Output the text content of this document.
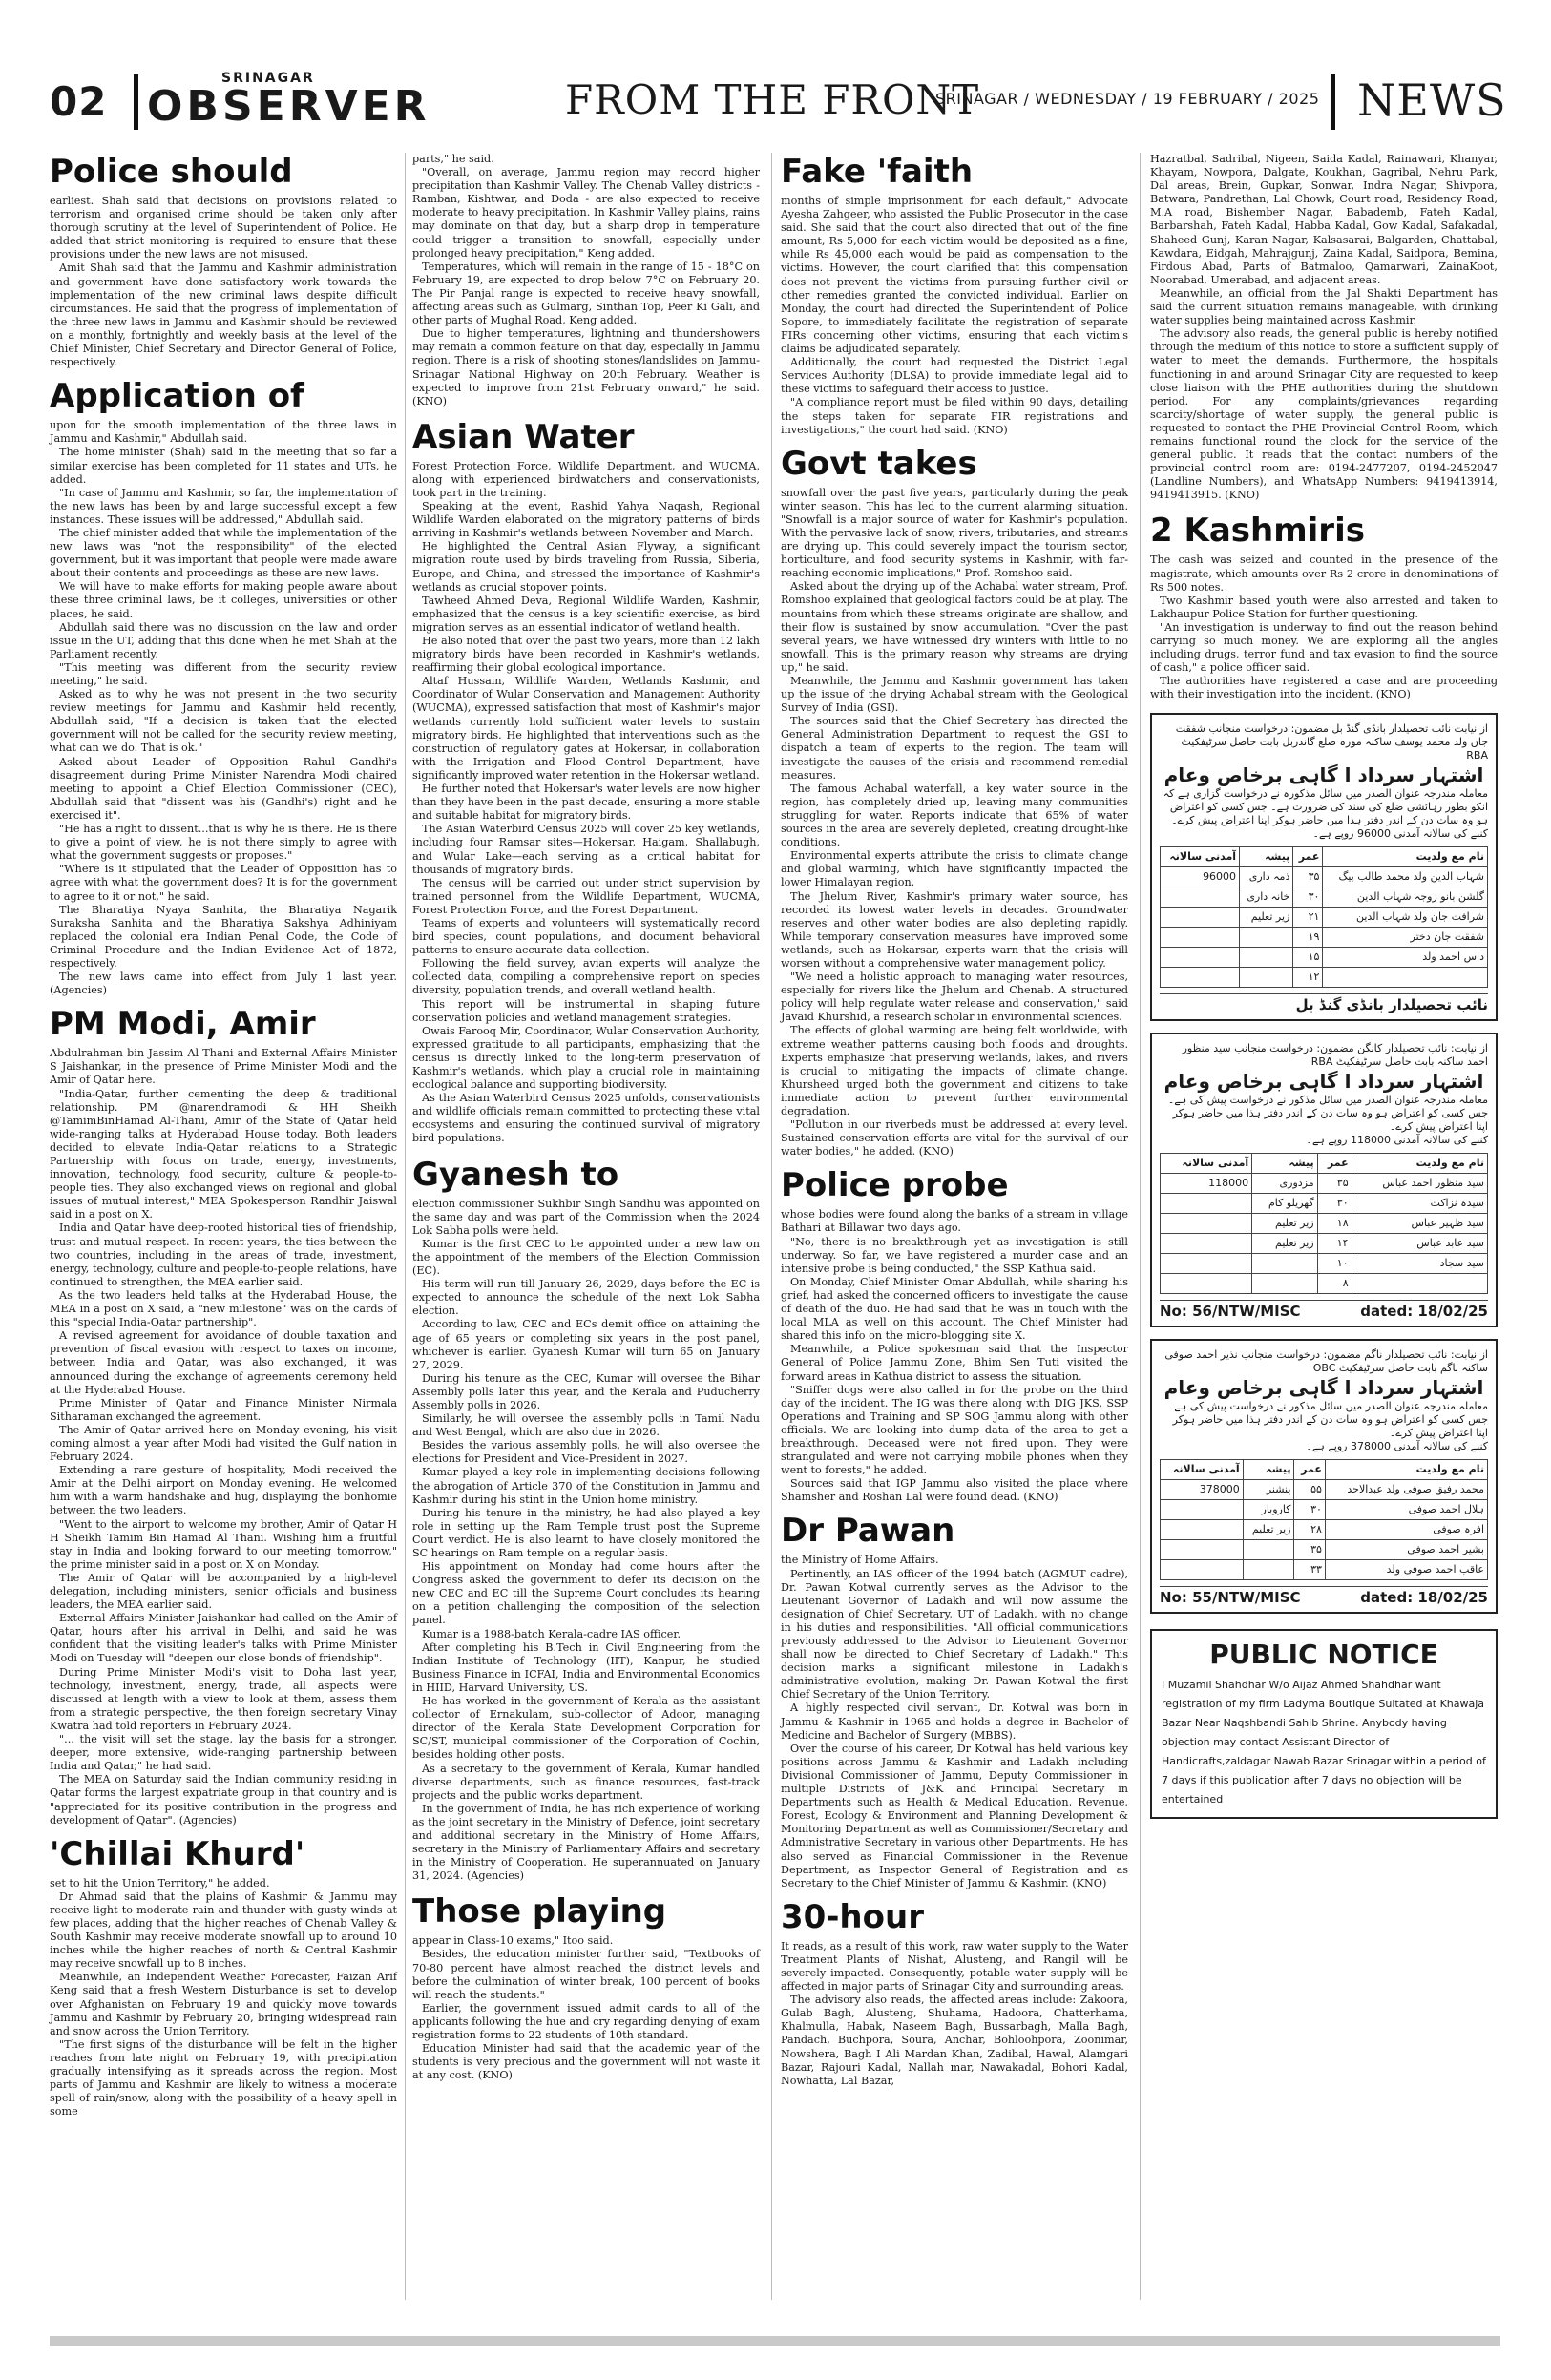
02	SRINAGAR
OBSERVER	FROM THE FRONT
SRINAGAR / WEDNESDAY / 19 FEBRUARY / 2025 NEWS
Police should

earliest. Shah said that decisions on provisions related to terrorism and organised crime should be taken only after thorough scrutiny at the level of Superintendent of Police. He added that strict monitoring is required to ensure that these provisions under the new laws are not misused.

Amit Shah said that the Jammu and Kashmir administration and government have done satisfactory work towards the implementation of the new criminal laws despite difficult circumstances. He said that the progress of implementation of the three new laws in Jammu and Kashmir should be reviewed on a monthly, fortnightly and weekly basis at the level of the Chief Minister, Chief Secretary and Director General of Police, respectively.

Application of

upon for the smooth implementation of the three laws in Jammu and Kashmir," Abdullah said.

The home minister (Shah) said in the meeting that so far a similar exercise has been completed for 11 states and UTs, he added.

"In case of Jammu and Kashmir, so far, the implementation of the new laws has been by and large successful except a few instances. These issues will be addressed," Abdullah said.

The chief minister added that while the implementation of the new laws was "not the responsibility" of the elected government, but it was important that people were made aware about their contents and proceedings as these are new laws.

We will have to make efforts for making people aware about these three criminal laws, be it colleges, universities or other places, he said.

Abdullah said there was no discussion on the law and order issue in the UT, adding that this done when he met Shah at the Parliament recently.

"This meeting was different from the security review meeting," he said.

Asked as to why he was not present in the two security review meetings for Jammu and Kashmir held recently, Abdullah said, "If a decision is taken that the elected government will not be called for the security review meeting, what can we do. That is ok."

Asked about Leader of Opposition Rahul Gandhi's disagreement during Prime Minister Narendra Modi chaired meeting to appoint a Chief Election Commissioner (CEC), Abdullah said that "dissent was his (Gandhi's) right and he exercised it".

"He has a right to dissent...that is why he is there. He is there to give a point of view, he is not there simply to agree with what the government suggests or proposes."

"Where is it stipulated that the Leader of Opposition has to agree with what the government does? It is for the government to agree to it or not," he said.

The Bharatiya Nyaya Sanhita, the Bharatiya Nagarik Suraksha Sanhita and the Bharatiya Sakshya Adhiniyam replaced the colonial era Indian Penal Code, the Code of Criminal Procedure and the Indian Evidence Act of 1872, respectively.

The new laws came into effect from July 1 last year. (Agencies)

PM Modi, Amir

Abdulrahman bin Jassim Al Thani and External Affairs Minister S Jaishankar, in the presence of Prime Minister Modi and the Amir of Qatar here.

"India-Qatar, further cementing the deep & traditional relationship. PM @narendramodi & HH Sheikh @TamimBinHamad Al-Thani, Amir of the State of Qatar held wide-ranging talks at Hyderabad House today. Both leaders decided to elevate India-Qatar relations to a Strategic Partnership with focus on trade, energy, investments, innovation, technology, food security, culture & people-to-people ties. They also exchanged views on regional and global issues of mutual interest," MEA Spokesperson Randhir Jaiswal said in a post on X.

India and Qatar have deep-rooted historical ties of friendship, trust and mutual respect. In recent years, the ties between the two countries, including in the areas of trade, investment, energy, technology, culture and people-to-people relations, have continued to strengthen, the MEA earlier said.

As the two leaders held talks at the Hyderabad House, the MEA in a post on X said, a "new milestone" was on the cards of this "special India-Qatar partnership".

A revised agreement for avoidance of double taxation and prevention of fiscal evasion with respect to taxes on income, between India and Qatar, was also exchanged, it was announced during the exchange of agreements ceremony held at the Hyderabad House.

Prime Minister of Qatar and Finance Minister Nirmala Sitharaman exchanged the agreement.

The Amir of Qatar arrived here on Monday evening, his visit coming almost a year after Modi had visited the Gulf nation in February 2024.

Extending a rare gesture of hospitality, Modi received the Amir at the Delhi airport on Monday evening. He welcomed him with a warm handshake and hug, displaying the bonhomie between the two leaders.

"Went to the airport to welcome my brother, Amir of Qatar H H Sheikh Tamim Bin Hamad Al Thani. Wishing him a fruitful stay in India and looking forward to our meeting tomorrow," the prime minister said in a post on X on Monday.

The Amir of Qatar will be accompanied by a high-level delegation, including ministers, senior officials and business leaders, the MEA earlier said.

External Affairs Minister Jaishankar had called on the Amir of Qatar, hours after his arrival in Delhi, and said he was confident that the visiting leader's talks with Prime Minister Modi on Tuesday will "deepen our close bonds of friendship".

During Prime Minister Modi's visit to Doha last year, technology, investment, energy, trade, all aspects were discussed at length with a view to look at them, assess them from a strategic perspective, the then foreign secretary Vinay Kwatra had told reporters in February 2024.

"... the visit will set the stage, lay the basis for a stronger, deeper, more extensive, wide-ranging partnership between India and Qatar," he had said.

The MEA on Saturday said the Indian community residing in Qatar forms the largest expatriate group in that country and is "appreciated for its positive contribution in the progress and development of Qatar". (Agencies)

'Chillai Khurd'

set to hit the Union Territory," he added.

Dr Ahmad said that the plains of Kashmir & Jammu may receive light to moderate rain and thunder with gusty winds at few places, adding that the higher reaches of Chenab Valley & South Kashmir may receive moderate snowfall up to around 10 inches while the higher reaches of north & Central Kashmir may receive snowfall up to 8 inches.

Meanwhile, an Independent Weather Forecaster, Faizan Arif Keng said that a fresh Western Disturbance is set to develop over Afghanistan on February 19 and quickly move towards Jammu and Kashmir by February 20, bringing widespread rain and snow across the Union Territory.

"The first signs of the disturbance will be felt in the higher reaches from late night on February 19, with precipitation gradually intensifying as it spreads across the region. Most parts of Jammu and Kashmir are likely to witness a moderate spell of rain/snow, along with the possibility of a heavy spell in some

parts," he said.

"Overall, on average, Jammu region may record higher precipitation than Kashmir Valley. The Chenab Valley districts - Ramban, Kishtwar, and Doda - are also expected to receive moderate to heavy precipitation. In Kashmir Valley plains, rains may dominate on that day, but a sharp drop in temperature could trigger a transition to snowfall, especially under prolonged heavy precipitation," Keng added.

Temperatures, which will remain in the range of 15 - 18°C on February 19, are expected to drop below 7°C on February 20. The Pir Panjal range is expected to receive heavy snowfall, affecting areas such as Gulmarg, Sinthan Top, Peer Ki Gali, and other parts of Mughal Road, Keng added.

Due to higher temperatures, lightning and thundershowers may remain a common feature on that day, especially in Jammu region. There is a risk of shooting stones/landslides on Jammu-Srinagar National Highway on 20th February. Weather is expected to improve from 21st February onward," he said. (KNO)

Asian Water

Forest Protection Force, Wildlife Department, and WUCMA, along with experienced birdwatchers and conservationists, took part in the training.

Speaking at the event, Rashid Yahya Naqash, Regional Wildlife Warden elaborated on the migratory patterns of birds arriving in Kashmir's wetlands between November and March.

He highlighted the Central Asian Flyway, a significant migration route used by birds traveling from Russia, Siberia, Europe, and China, and stressed the importance of Kashmir's wetlands as crucial stopover points.

Tawheed Ahmed Deva, Regional Wildlife Warden, Kashmir, emphasized that the census is a key scientific exercise, as bird migration serves as an essential indicator of wetland health.

He also noted that over the past two years, more than 12 lakh migratory birds have been recorded in Kashmir's wetlands, reaffirming their global ecological importance.

Altaf Hussain, Wildlife Warden, Wetlands Kashmir, and Coordinator of Wular Conservation and Management Authority (WUCMA), expressed satisfaction that most of Kashmir's major wetlands currently hold sufficient water levels to sustain migratory birds. He highlighted that interventions such as the construction of regulatory gates at Hokersar, in collaboration with the Irrigation and Flood Control Department, have significantly improved water retention in the Hokersar wetland.

He further noted that Hokersar's water levels are now higher than they have been in the past decade, ensuring a more stable and suitable habitat for migratory birds.

The Asian Waterbird Census 2025 will cover 25 key wetlands, including four Ramsar sites—Hokersar, Haigam, Shallabugh, and Wular Lake—each serving as a critical habitat for thousands of migratory birds.

The census will be carried out under strict supervision by trained personnel from the Wildlife Department, WUCMA, Forest Protection Force, and the Forest Department.

Teams of experts and volunteers will systematically record bird species, count populations, and document behavioral patterns to ensure accurate data collection.

Following the field survey, avian experts will analyze the collected data, compiling a comprehensive report on species diversity, population trends, and overall wetland health.

This report will be instrumental in shaping future conservation policies and wetland management strategies.

Owais Farooq Mir, Coordinator, Wular Conservation Authority, expressed gratitude to all participants, emphasizing that the census is directly linked to the long-term preservation of Kashmir's wetlands, which play a crucial role in maintaining ecological balance and supporting biodiversity.

As the Asian Waterbird Census 2025 unfolds, conservationists and wildlife officials remain committed to protecting these vital ecosystems and ensuring the continued survival of migratory bird populations.

Gyanesh to

election commissioner Sukhbir Singh Sandhu was appointed on the same day and was part of the Commission when the 2024 Lok Sabha polls were held.

Kumar is the first CEC to be appointed under a new law on the appointment of the members of the Election Commission (EC).

His term will run till January 26, 2029, days before the EC is expected to announce the schedule of the next Lok Sabha election.

According to law, CEC and ECs demit office on attaining the age of 65 years or completing six years in the post panel, whichever is earlier. Gyanesh Kumar will turn 65 on January 27, 2029.

During his tenure as the CEC, Kumar will oversee the Bihar Assembly polls later this year, and the Kerala and Puducherry Assembly polls in 2026.

Similarly, he will oversee the assembly polls in Tamil Nadu and West Bengal, which are also due in 2026.

Besides the various assembly polls, he will also oversee the elections for President and Vice-President in 2027.

Kumar played a key role in implementing decisions following the abrogation of Article 370 of the Constitution in Jammu and Kashmir during his stint in the Union home ministry.

During his tenure in the ministry, he had also played a key role in setting up the Ram Temple trust post the Supreme Court verdict. He is also learnt to have closely monitored the SC hearings on Ram temple on a regular basis.

His appointment on Monday had come hours after the Congress asked the government to defer its decision on the new CEC and EC till the Supreme Court concludes its hearing on a petition challenging the composition of the selection panel.

Kumar is a 1988-batch Kerala-cadre IAS officer.

After completing his B.Tech in Civil Engineering from the Indian Institute of Technology (IIT), Kanpur, he studied Business Finance in ICFAI, India and Environmental Economics in HIID, Harvard University, US.

He has worked in the government of Kerala as the assistant collector of Ernakulam, sub-collector of Adoor, managing director of the Kerala State Development Corporation for SC/ST, municipal commissioner of the Corporation of Cochin, besides holding other posts.

As a secretary to the government of Kerala, Kumar handled diverse departments, such as finance resources, fast-track projects and the public works department.

In the government of India, he has rich experience of working as the joint secretary in the Ministry of Defence, joint secretary and additional secretary in the Ministry of Home Affairs, secretary in the Ministry of Parliamentary Affairs and secretary in the Ministry of Cooperation. He superannuated on January 31, 2024. (Agencies)

Those playing

appear in Class-10 exams," Itoo said.

Besides, the education minister further said, "Textbooks of 70-80 percent have almost reached the district levels and before the culmination of winter break, 100 percent of books will reach the students."

Earlier, the government issued admit cards to all of the applicants following the hue and cry regarding denying of exam registration forms to 22 students of 10th standard.

Education Minister had said that the academic year of the students is very precious and the government will not waste it at any cost. (KNO)

Fake 'faith

months of simple imprisonment for each default," Advocate Ayesha Zahgeer, who assisted the Public Prosecutor in the case said. She said that the court also directed that out of the fine amount, Rs 5,000 for each victim would be deposited as a fine, while Rs 45,000 each would be paid as compensation to the victims. However, the court clarified that this compensation does not prevent the victims from pursuing further civil or other remedies granted the convicted individual. Earlier on Monday, the court had directed the Superintendent of Police Sopore, to immediately facilitate the registration of separate FIRs concerning other victims, ensuring that each victim's claims be adjudicated separately.

Additionally, the court had requested the District Legal Services Authority (DLSA) to provide immediate legal aid to these victims to safeguard their access to justice.

"A compliance report must be filed within 90 days, detailing the steps taken for separate FIR registrations and investigations," the court had said. (KNO)

Govt takes

snowfall over the past five years, particularly during the peak winter season. This has led to the current alarming situation. "Snowfall is a major source of water for Kashmir's population. With the pervasive lack of snow, rivers, tributaries, and streams are drying up. This could severely impact the tourism sector, horticulture, and food security systems in Kashmir, with far-reaching economic implications," Prof. Romshoo said.

Asked about the drying up of the Achabal water stream, Prof. Romshoo explained that geological factors could be at play. The mountains from which these streams originate are shallow, and their flow is sustained by snow accumulation. "Over the past several years, we have witnessed dry winters with little to no snowfall. This is the primary reason why streams are drying up," he said.

Meanwhile, the Jammu and Kashmir government has taken up the issue of the drying Achabal stream with the Geological Survey of India (GSI).

The sources said that the Chief Secretary has directed the General Administration Department to request the GSI to dispatch a team of experts to the region. The team will investigate the causes of the crisis and recommend remedial measures.

The famous Achabal waterfall, a key water source in the region, has completely dried up, leaving many communities struggling for water. Reports indicate that 65% of water sources in the area are severely depleted, creating drought-like conditions.

Environmental experts attribute the crisis to climate change and global warming, which have significantly impacted the lower Himalayan region.

The Jhelum River, Kashmir's primary water source, has recorded its lowest water levels in decades. Groundwater reserves and other water bodies are also depleting rapidly. While temporary conservation measures have improved some wetlands, such as Hokarsar, experts warn that the crisis will worsen without a comprehensive water management policy.

"We need a holistic approach to managing water resources, especially for rivers like the Jhelum and Chenab. A structured policy will help regulate water release and conservation," said Javaid Khurshid, a research scholar in environmental sciences.

The effects of global warming are being felt worldwide, with extreme weather patterns causing both floods and droughts. Experts emphasize that preserving wetlands, lakes, and rivers is crucial to mitigating the impacts of climate change. Khursheed urged both the government and citizens to take immediate action to prevent further environmental degradation.

"Pollution in our riverbeds must be addressed at every level. Sustained conservation efforts are vital for the survival of our water bodies," he added. (KNO)

Police probe

whose bodies were found along the banks of a stream in village Bathari at Billawar two days ago.

"No, there is no breakthrough yet as investigation is still underway. So far, we have registered a murder case and an intensive probe is being conducted," the SSP Kathua said.

On Monday, Chief Minister Omar Abdullah, while sharing his grief, had asked the concerned officers to investigate the cause of death of the duo. He had said that he was in touch with the local MLA as well on this account. The Chief Minister had shared this info on the micro-blogging site X.

Meanwhile, a Police spokesman said that the Inspector General of Police Jammu Zone, Bhim Sen Tuti visited the forward areas in Kathua district to assess the situation.

"Sniffer dogs were also called in for the probe on the third day of the incident. The IG was there along with DIG JKS, SSP Operations and Training and SP SOG Jammu along with other officials. We are looking into dump data of the area to get a breakthrough. Deceased were not fired upon. They were strangulated and were not carrying mobile phones when they went to forests," he added.

Sources said that IGP Jammu also visited the place where Shamsher and Roshan Lal were found dead. (KNO)

Dr Pawan

the Ministry of Home Affairs.

Pertinently, an IAS officer of the 1994 batch (AGMUT cadre), Dr. Pawan Kotwal currently serves as the Advisor to the Lieutenant Governor of Ladakh and will now assume the designation of Chief Secretary, UT of Ladakh, with no change in his duties and responsibilities. "All official communications previously addressed to the Advisor to Lieutenant Governor shall now be directed to Chief Secretary of Ladakh." This decision marks a significant milestone in Ladakh's administrative evolution, making Dr. Pawan Kotwal the first Chief Secretary of the Union Territory.

A highly respected civil servant, Dr. Kotwal was born in Jammu & Kashmir in 1965 and holds a degree in Bachelor of Medicine and Bachelor of Surgery (MBBS).

Over the course of his career, Dr Kotwal has held various key positions across Jammu & Kashmir and Ladakh including Divisional Commissioner of Jammu, Deputy Commissioner in multiple Districts of J&K and Principal Secretary in Departments such as Health & Medical Education, Revenue, Forest, Ecology & Environment and Planning Development & Monitoring Department as well as Commissioner/Secretary and Administrative Secretary in various other Departments. He has also served as Financial Commissioner in the Revenue Department, as Inspector General of Registration and as Secretary to the Chief Minister of Jammu & Kashmir. (KNO)

30-hour

It reads, as a result of this work, raw water supply to the Water Treatment Plants of Nishat, Alusteng, and Rangil will be severely impacted. Consequently, potable water supply will be affected in major parts of Srinagar City and surrounding areas.

The advisory also reads, the affected areas include: Zakoora, Gulab Bagh, Alusteng, Shuhama, Hadoora, Chatterhama, Khalmulla, Habak, Naseem Bagh, Bussarbagh, Malla Bagh, Pandach, Buchpora, Soura, Anchar, Bohloohpora, Zoonimar, Nowshera, Bagh I Ali Mardan Khan, Zadibal, Hawal, Alamgari Bazar, Rajouri Kadal, Nallah mar, Nawakadal, Bohori Kadal, Nowhatta, Lal Bazar,

Hazratbal, Sadribal, Nigeen, Saida Kadal, Rainawari, Khanyar, Khayam, Nowpora, Dalgate, Koukhan, Gagribal, Nehru Park, Dal areas, Brein, Gupkar, Sonwar, Indra Nagar, Shivpora, Batwara, Pandrethan, Lal Chowk, Court road, Residency Road, M.A road, Bishember Nagar, Babademb, Fateh Kadal, Barbarshah, Fateh Kadal, Habba Kadal, Gow Kadal, Safakadal, Shaheed Gunj, Karan Nagar, Kalsasarai, Balgarden, Chattabal, Kawdara, Eidgah, Mahrajgunj, Zaina Kadal, Saidpora, Bemina, Firdous Abad, Parts of Batmaloo, Qamarwari, ZainaKoot, Noorabad, Umerabad, and adjacent areas.

Meanwhile, an official from the Jal Shakti Department has said the current situation remains manageable, with drinking water supplies being maintained across Kashmir.

The advisory also reads, the general public is hereby notified through the medium of this notice to store a sufficient supply of water to meet the demands. Furthermore, the hospitals functioning in and around Srinagar City are requested to keep close liaison with the PHE authorities during the shutdown period. For any complaints/grievances regarding scarcity/shortage of water supply, the general public is requested to contact the PHE Provincial Control Room, which remains functional round the clock for the service of the general public. It reads that the contact numbers of the provincial control room are: 0194-2477207, 0194-2452047 (Landline Numbers), and WhatsApp Numbers: 9419413914, 9419413915. (KNO)

2 Kashmiris

The cash was seized and counted in the presence of the magistrate, which amounts over Rs 2 crore in denominations of Rs 500 notes.

Two Kashmir based youth were also arrested and taken to Lakhaupur Police Station for further questioning.

"An investigation is underway to find out the reason behind carrying so much money. We are exploring all the angles including drugs, terror fund and tax evasion to find the source of cash," a police officer said.

The authorities have registered a case and are proceeding with their investigation into the incident. (KNO)

از نیابت نائب تحصیلدار بانڈی گنڈ بل مضمون: درخواست منجانب شفقت جان ولد محمد یوسف ساکنہ مورہ ضلع گاندربل بابت حاصل سرٹیفکیٹ RBA
اشتہار سرداد ا گاہی برخاص وعام
معاملہ مندرجہ عنوان الصدر میں سائل مذکورہ نے درخواست گزاری ہے کہ انکو بطور رہائشی ضلع کی سند کی ضرورت ہے۔ جس کسی کو اعتراض ہو وہ سات دن کے اندر دفتر ہذا میں حاضر ہوکر اپنا اعتراض پیش کرے۔
کنبے کی سالانہ آمدنی 96000 روپے ہے۔
نام مع ولدیت	عمر	پیشہ	آمدنی سالانہ
شہاب الدین ولد محمد طالب بیگ	۳۵	ذمہ داری	96000
گلشن بانو زوجہ شہاب الدین	۳۰	خانہ داری	
شرافت جان ولد شہاب الدین	۲۱	زیر تعلیم	
شفقت جان دختر	۱۹		
داس احمد ولد	۱۵		
	۱۲		
نائب تحصیلدار بانڈی گنڈ بل
از نیابت: نائب تحصیلدار کانگن مضمون: درخواست منجانب سید منظور احمد ساکنہ بابت حاصل سرٹیفکیٹ RBA
اشتہار سرداد ا گاہی برخاص وعام
معاملہ مندرجہ عنوان الصدر میں سائل مذکور نے درخواست پیش کی ہے۔ جس کسی کو اعتراض ہو وہ سات دن کے اندر دفتر ہذا میں حاضر ہوکر اپنا اعتراض پیش کرے۔
کنبے کی سالانہ آمدنی 118000 روپے ہے۔
نام مع ولدیت	عمر	پیشہ	آمدنی سالانہ
سید منظور احمد عباس	۳۵	مزدوری	118000
سیدہ نزاکت	۳۰	گھریلو کام	
سید ظہیر عباس	۱۸	زیر تعلیم	
سید عابد عباس	۱۴	زیر تعلیم	
سید سجاد	۱۰		
	۸		
No: 56/NTW/MISC	dated: 18/02/25
از نیابت: نائب تحصیلدار ناگم مضمون: درخواست منجانب نذیر احمد صوفی ساکنہ ناگم بابت حاصل سرٹیفکیٹ OBC
اشتہار سرداد ا گاہی برخاص وعام
معاملہ مندرجہ عنوان الصدر میں سائل مذکور نے درخواست پیش کی ہے۔ جس کسی کو اعتراض ہو وہ سات دن کے اندر دفتر ہذا میں حاضر ہوکر اپنا اعتراض پیش کرے۔
کنبے کی سالانہ آمدنی 378000 روپے ہے۔
نام مع ولدیت	عمر	پیشہ	آمدنی سالانہ
محمد رفیق صوفی ولد عبدالاحد	۵۵	پنشنر	378000
ہلال احمد صوفی	۳۰	کاروبار	
افرہ صوفی	۲۸	زیر تعلیم	
بشیر احمد صوفی	۳۵		
عاقب احمد صوفی ولد	۳۳		
No: 55/NTW/MISC	dated: 18/02/25
PUBLIC NOTICE
I Muzamil Shahdhar W/o Aijaz Ahmed Shahdhar want registration of my firm Ladyma Boutique Suitated at Khawaja Bazar Near Naqshbandi Sahib Shrine. Anybody having objection may contact Assistant Director of Handicrafts,zaldagar Nawab Bazar Srinagar within a period of 7 days if this publication after 7 days no objection will be entertained
